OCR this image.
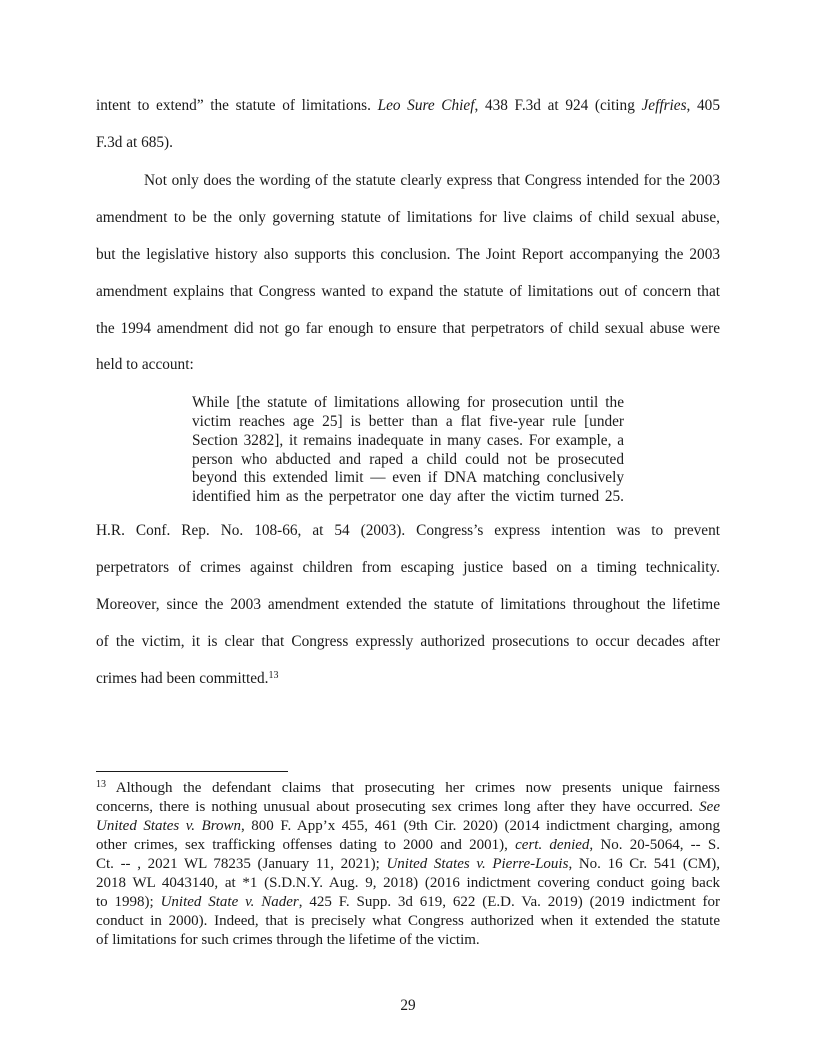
intent to extend” the statute of limitations. Leo Sure Chief, 438 F.3d at 924 (citing Jeffries, 405

F.3d at 685).

Not only does the wording of the statute clearly express that Congress intended for the 2003

amendment to be the only governing statute of limitations for live claims of child sexual abuse,

but the legislative history also supports this conclusion. The Joint Report accompanying the 2003

amendment explains that Congress wanted to expand the statute of limitations out of concern that

the 1994 amendment did not go far enough to ensure that perpetrators of child sexual abuse were

held to account:

While [the statute of limitations allowing for prosecution until the

victim reaches age 25] is better than a flat five-year rule [under

Section 3282], it remains inadequate in many cases. For example, a

person who abducted and raped a child could not be prosecuted

beyond this extended limit — even if DNA matching conclusively

identified him as the perpetrator one day after the victim turned 25.

H.R. Conf. Rep. No. 108-66, at 54 (2003). Congress’s express intention was to prevent

perpetrators of crimes against children from escaping justice based on a timing technicality.

Moreover, since the 2003 amendment extended the statute of limitations throughout the lifetime

of the victim, it is clear that Congress expressly authorized prosecutions to occur decades after

crimes had been committed.$^{13}$

$^{13}$ Although the defendant claims that prosecuting her crimes now presents unique fairness

concerns, there is nothing unusual about prosecuting sex crimes long after they have occurred. See

United States v. Brown, 800 F. App’x 455, 461 (9th Cir. 2020) (2014 indictment charging, among

other crimes, sex trafficking offenses dating to 2000 and 2001), cert. denied, No. 20-5064, -- S.

Ct. -- , 2021 WL 78235 (January 11, 2021); United States v. Pierre-Louis, No. 16 Cr. 541 (CM),

2018 WL 4043140, at *1 (S.D.N.Y. Aug. 9, 2018) (2016 indictment covering conduct going back

to 1998); United State v. Nader, 425 F. Supp. 3d 619, 622 (E.D. Va. 2019) (2019 indictment for

conduct in 2000). Indeed, that is precisely what Congress authorized when it extended the statute

of limitations for such crimes through the lifetime of the victim.

29
